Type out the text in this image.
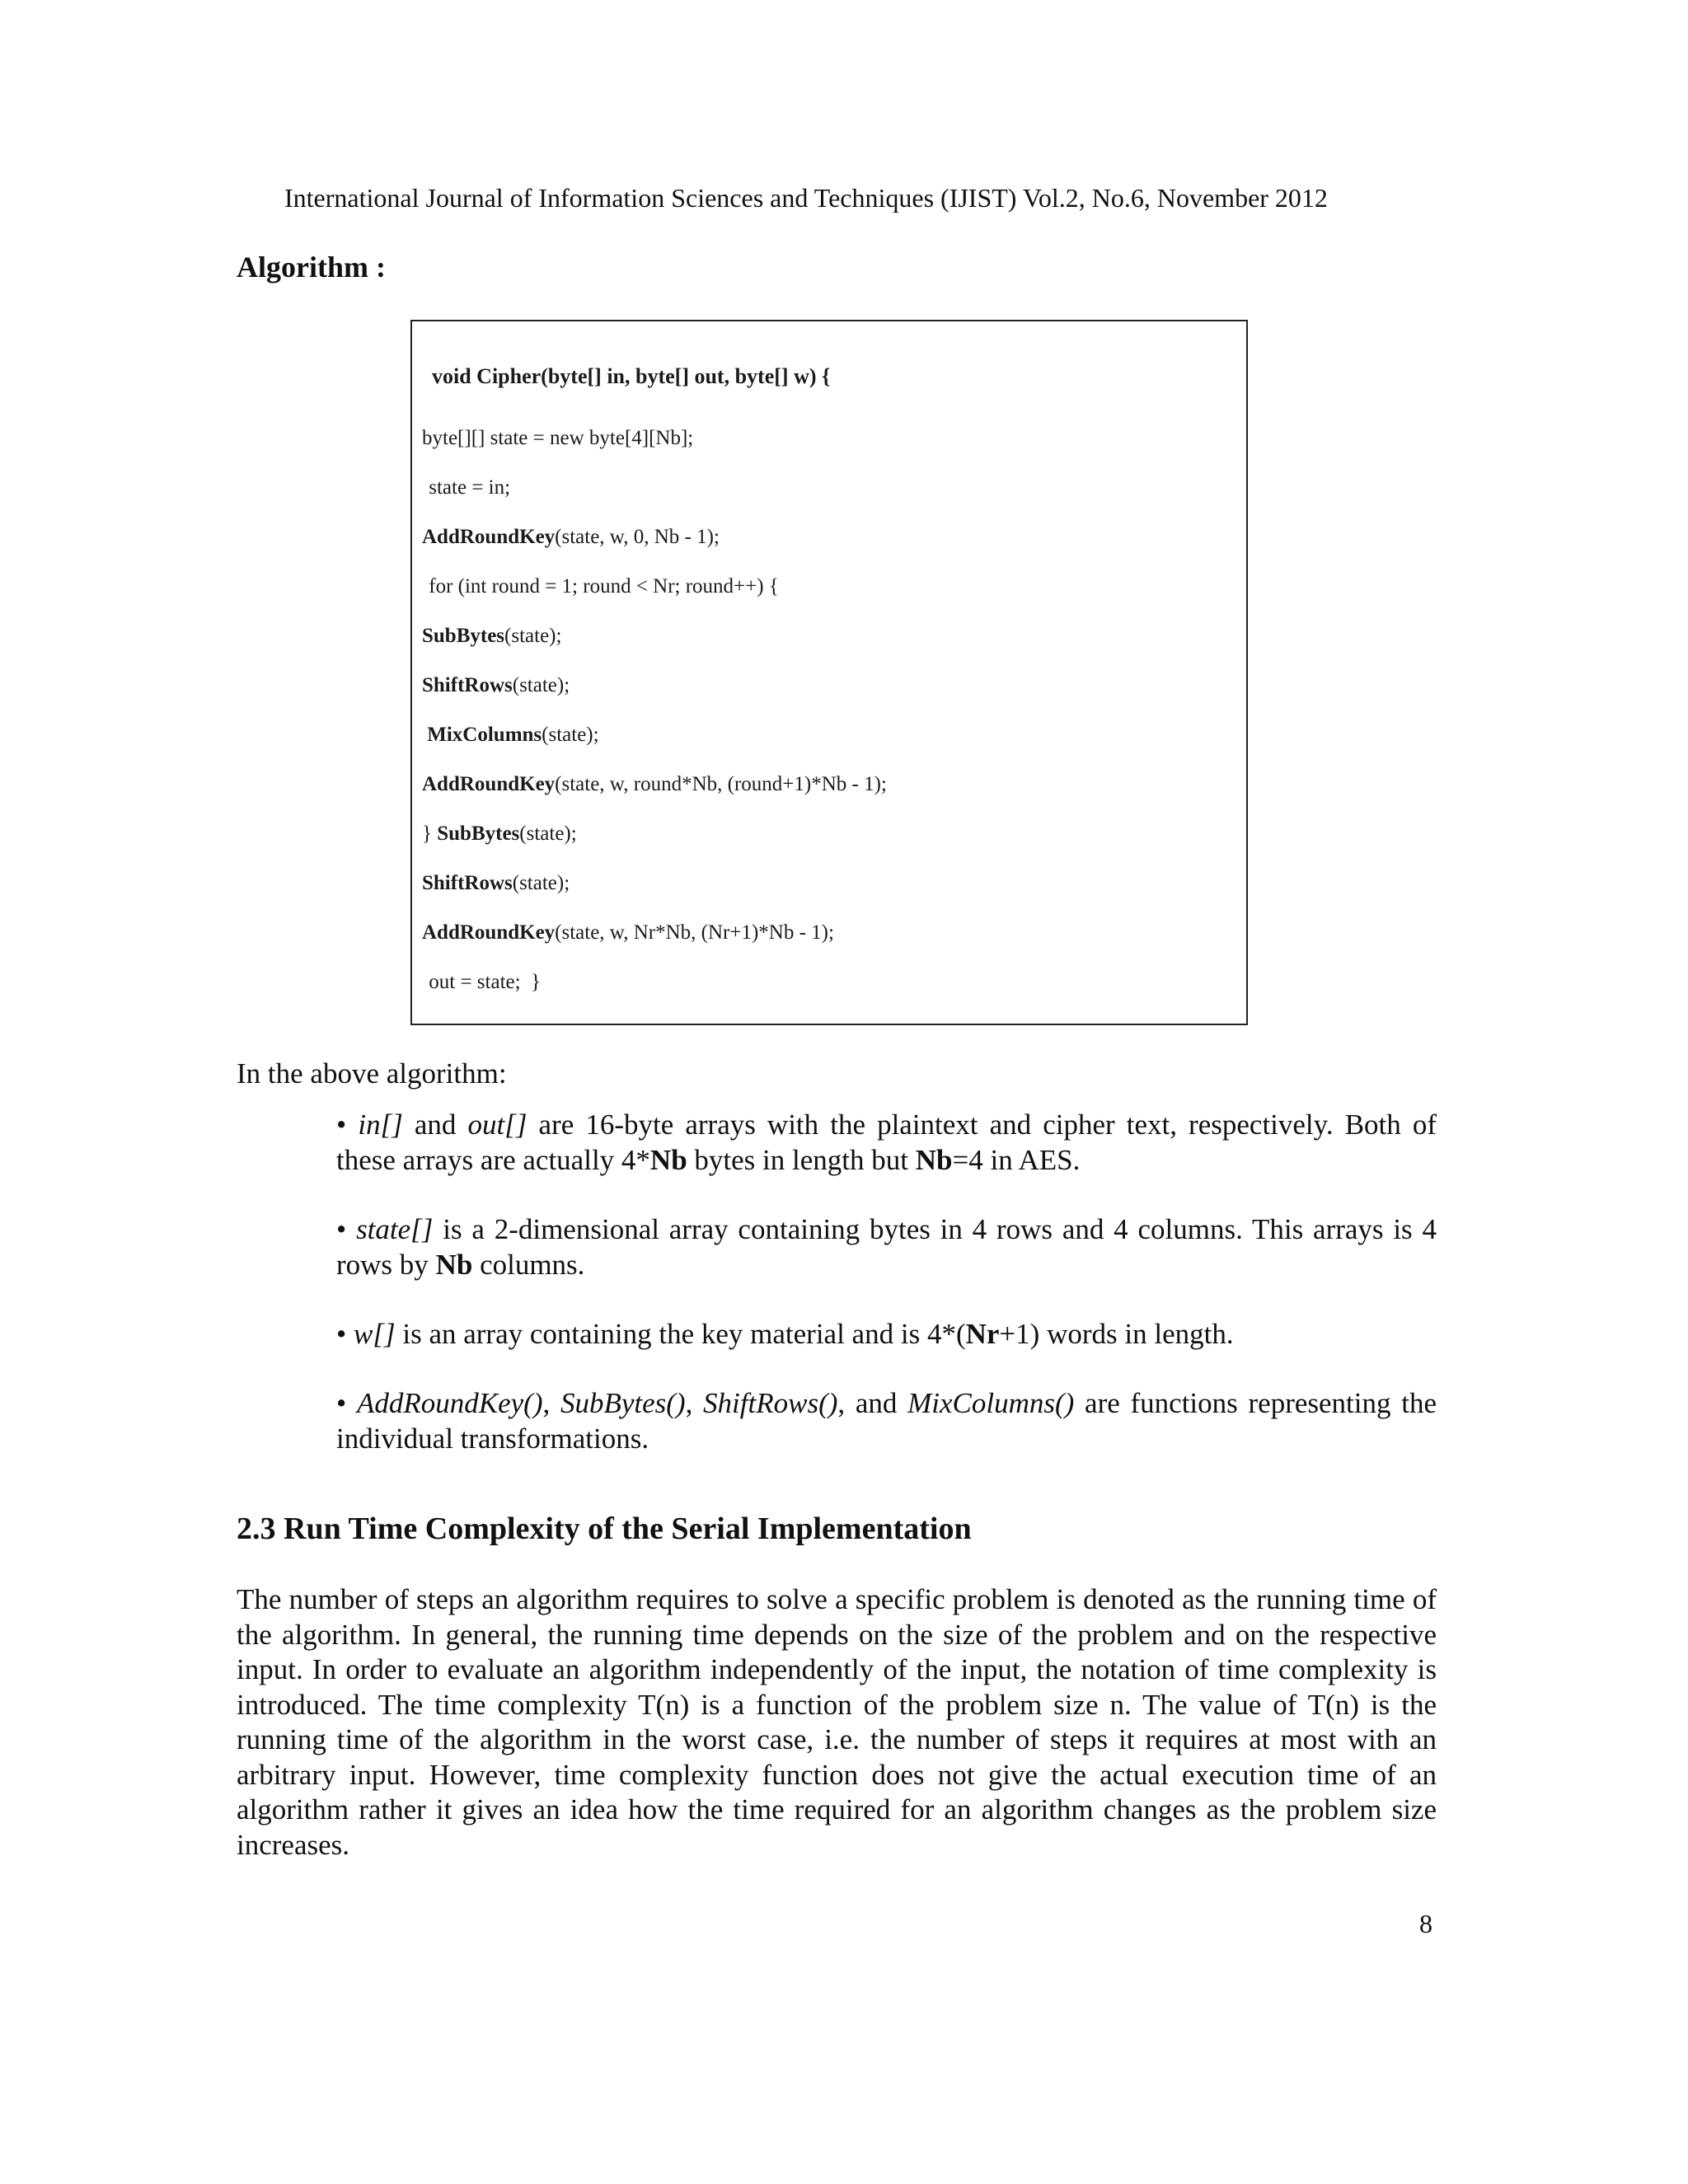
International Journal of Information Sciences and Techniques (IJIST) Vol.2, No.6, November 2012
Algorithm :
void Cipher(byte[] in, byte[] out, byte[] w) {
byte[][] state = new byte[4][Nb];
state = in;
AddRoundKey(state, w, 0, Nb - 1);
for (int round = 1; round < Nr; round++) {
SubBytes(state);
ShiftRows(state);
MixColumns(state);
AddRoundKey(state, w, round*Nb, (round+1)*Nb - 1);
} SubBytes(state);
ShiftRows(state);
AddRoundKey(state, w, Nr*Nb, (Nr+1)*Nb - 1);
out = state;  }
In the above algorithm:
• in[] and out[] are 16-byte arrays with the plaintext and cipher text, respectively. Both of these arrays are actually 4*Nb bytes in length but Nb=4 in AES.
• state[] is a 2-dimensional array containing bytes in 4 rows and 4 columns. This arrays is 4 rows by Nb columns.
• w[] is an array containing the key material and is 4*(Nr+1) words in length.
• AddRoundKey(), SubBytes(), ShiftRows(), and MixColumns() are functions representing the individual transformations.
2.3 Run Time Complexity of the Serial Implementation
The number of steps an algorithm requires to solve a specific problem is denoted as the running time of the algorithm. In general, the running time depends on the size of the problem and on the respective input. In order to evaluate an algorithm independently of the input, the notation of time complexity is introduced. The time complexity T(n) is a function of the problem size n. The value of T(n) is the running time of the algorithm in the worst case, i.e. the number of steps it requires at most with an arbitrary input. However, time complexity function does not give the actual execution time of an algorithm rather it gives an idea how the time required for an algorithm changes as the problem size increases.
8
